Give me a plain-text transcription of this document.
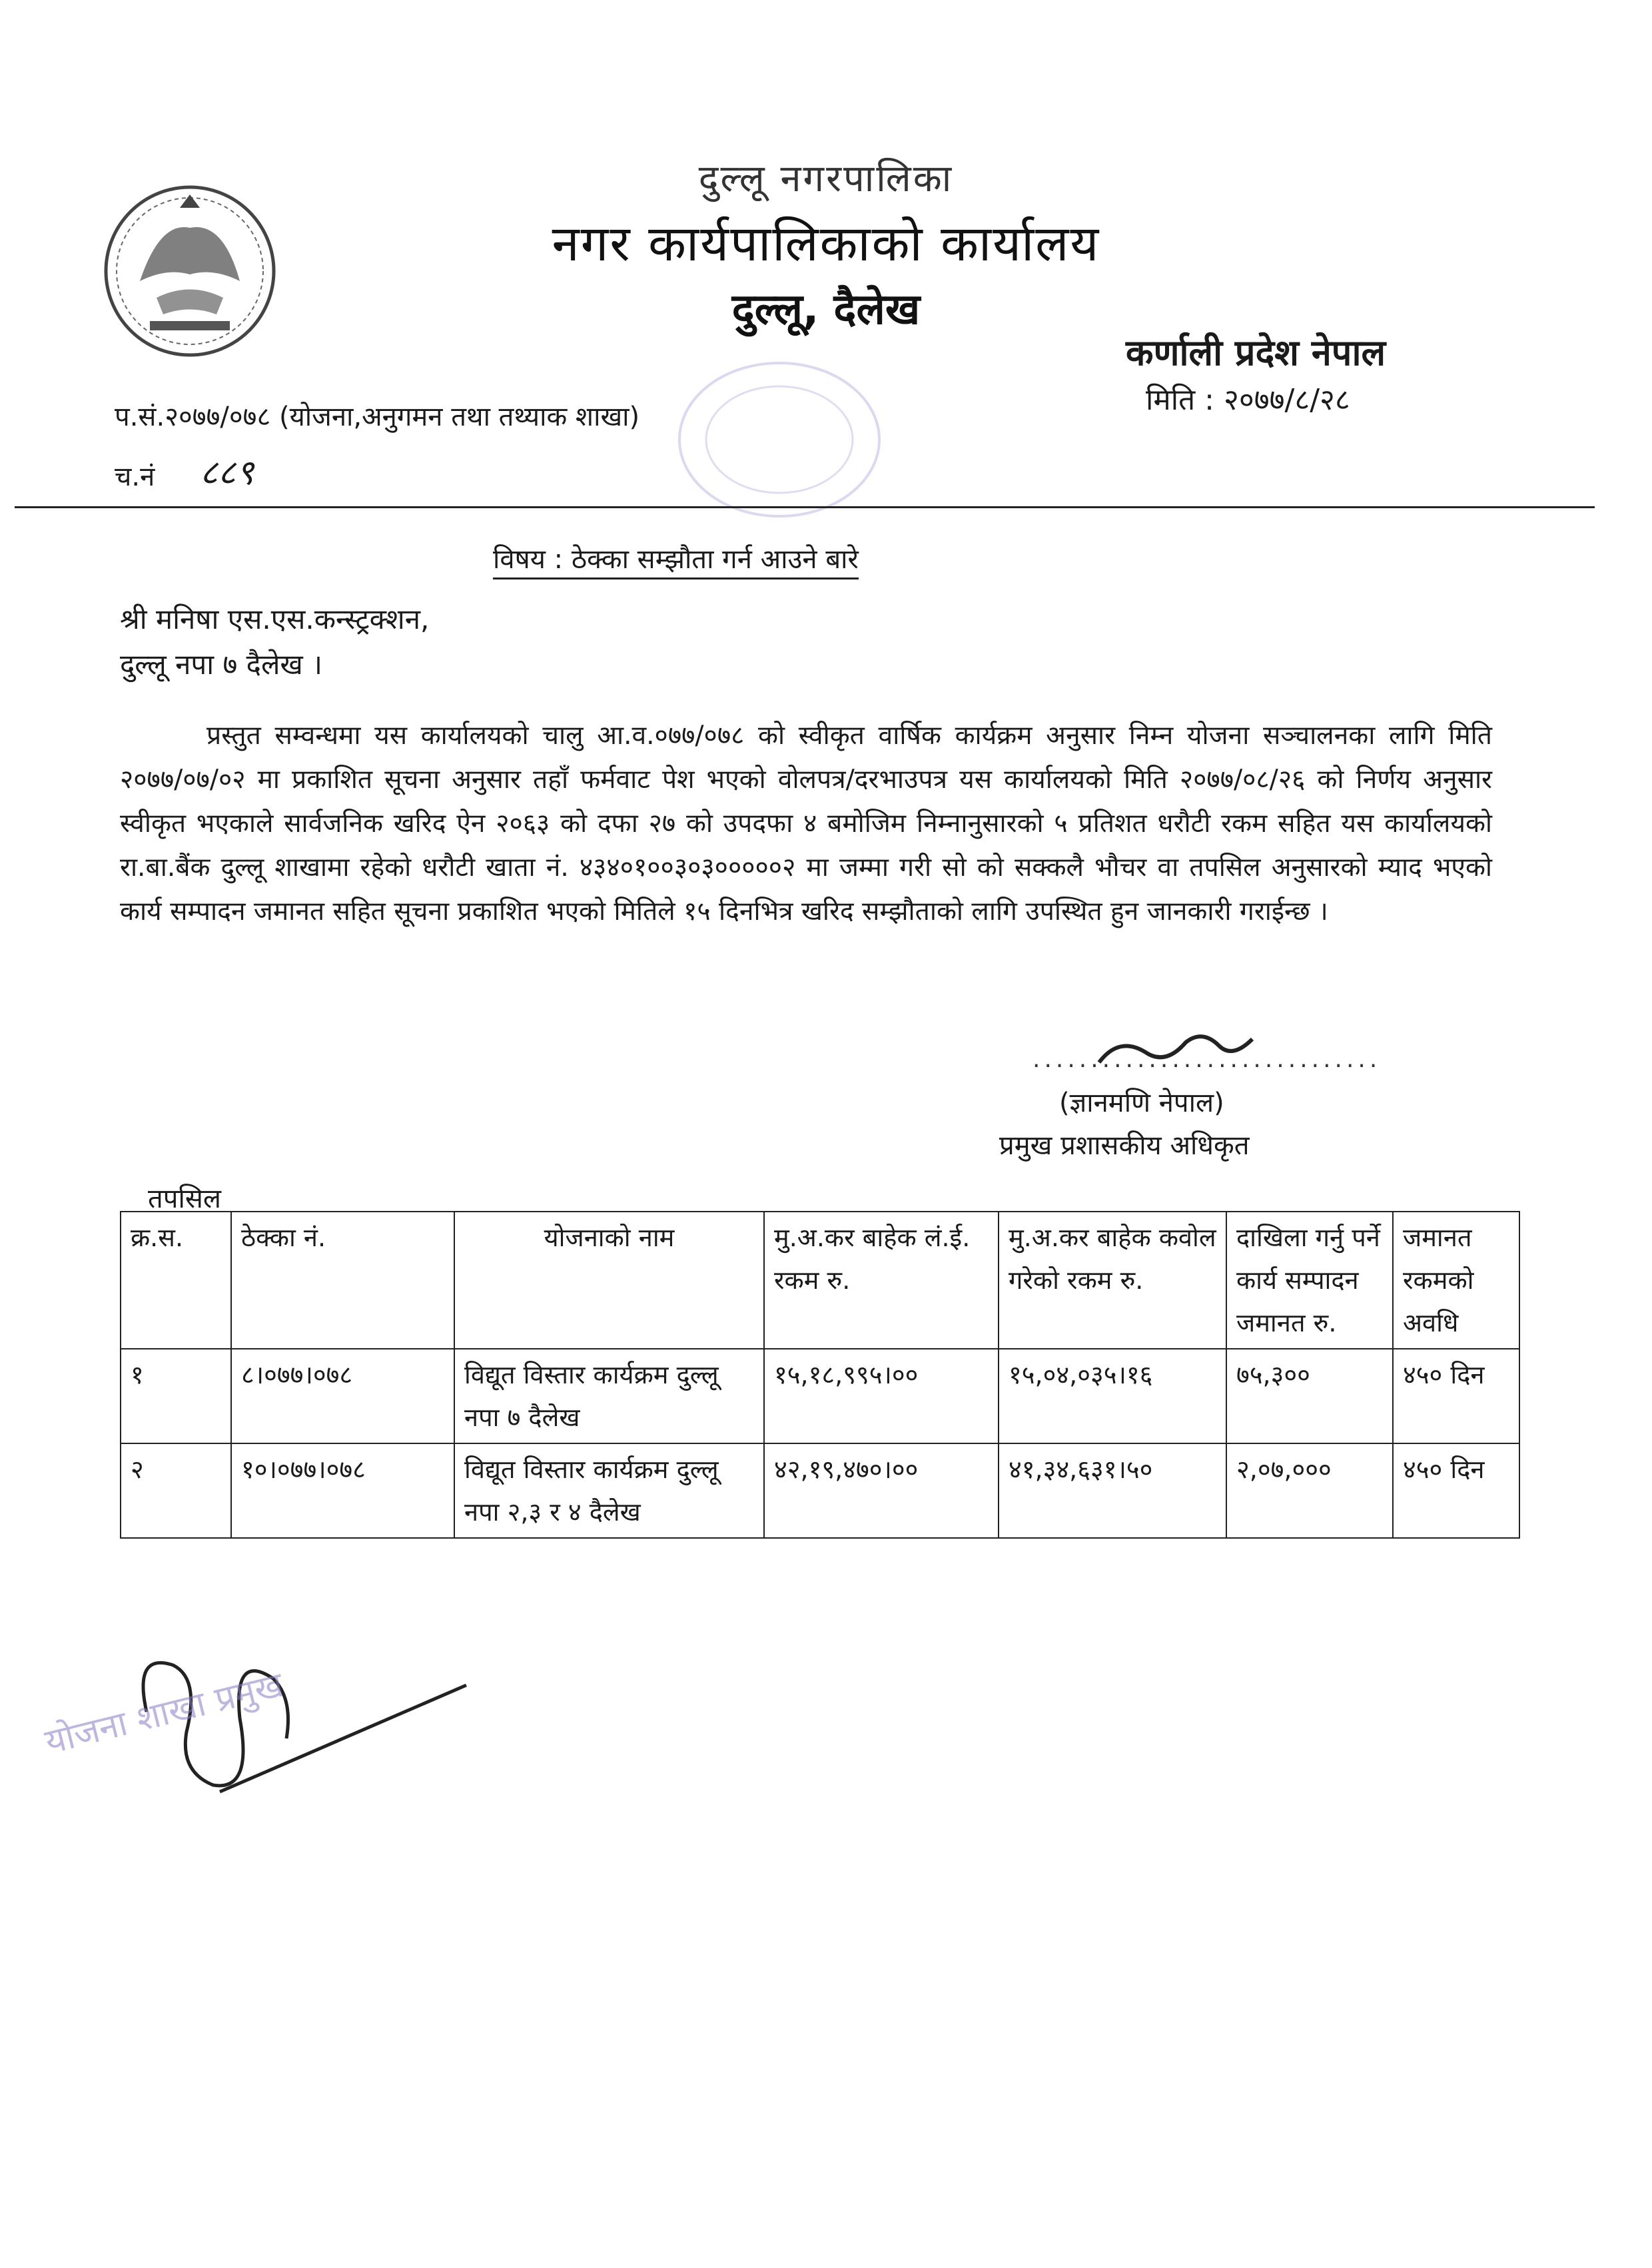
दुल्लू नगरपालिका
नगर कार्यपालिकाको कार्यालय
दुल्लू, दैलेख
कर्णाली प्रदेश नेपाल
मिति : २०७७/८/२८
प.सं.२०७७/०७८ (योजना,अनुगमन तथा तथ्याक शाखा)
च.नं ८८९
विषय : ठेक्का सम्झौता गर्न आउने बारे
श्री मनिषा एस.एस.कन्स्ट्रक्शन,
दुल्लू नपा ७ दैलेख ।
प्रस्तुत सम्वन्धमा यस कार्यालयको चालु आ.व.०७७/०७८ को स्वीकृत वार्षिक कार्यक्रम अनुसार निम्न योजना सञ्चालनका लागि मिति २०७७/०७/०२ मा प्रकाशित सूचना अनुसार तहाँ फर्मवाट पेश भएको वोलपत्र/दरभाउपत्र यस कार्यालयको मिति २०७७/०८/२६ को निर्णय अनुसार स्वीकृत भएकाले सार्वजनिक खरिद ऐन २०६३ को दफा २७ को उपदफा ४ बमोजिम निम्नानुसारको ५ प्रतिशत धरौटी रकम सहित यस कार्यालयको रा.बा.बैंक दुल्लू शाखामा रहेको धरौटी खाता नं. ४३४०१००३०३०००००२ मा जम्मा गरी सो को सक्कलै भौचर वा तपसिल अनुसारको म्याद भएको कार्य सम्पादन जमानत सहित सूचना प्रकाशित भएको मितिले १५ दिनभित्र खरिद सम्झौताको लागि उपस्थित हुन जानकारी गराईन्छ ।
..............................
(ज्ञानमणि नेपाल)
प्रमुख प्रशासकीय अधिकृत
तपसिल
क्र.स.	ठेक्का नं.	योजनाको नाम	मु.अ.कर बाहेक लं.ई. रकम रु.	मु.अ.कर बाहेक कवोल गरेको रकम रु.	दाखिला गर्नु पर्ने कार्य सम्पादन जमानत रु.	जमानत रकमको अवधि
१	८।०७७।०७८	विद्यूत विस्तार कार्यक्रम दुल्लू नपा ७ दैलेख	१५,१८,९९५।००	१५,०४,०३५।१६	७५,३००	४५० दिन
२	१०।०७७।०७८	विद्यूत विस्तार कार्यक्रम दुल्लू नपा २,३ र ४ दैलेख	४२,१९,४७०।००	४१,३४,६३१।५०	२,०७,०००	४५० दिन
योजना शाखा प्रमुख
